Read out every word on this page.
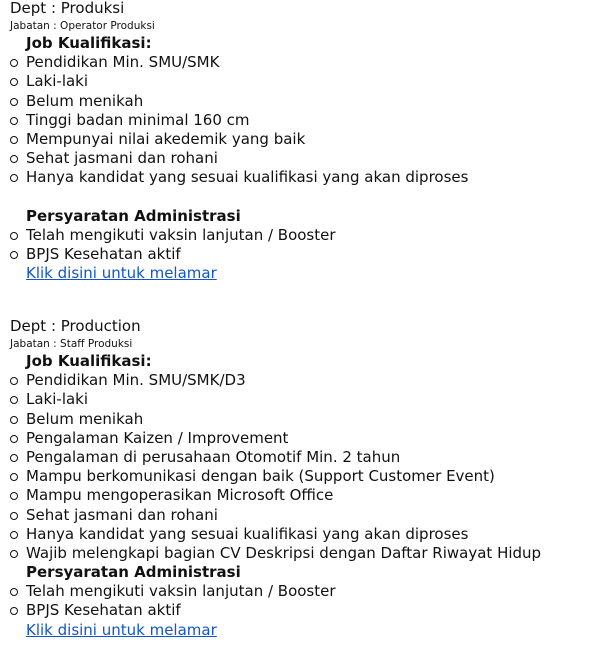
Dept : Produksi
Jabatan : Operator Produksi
Job Kualifikasi:
Pendidikan Min. SMU/SMK
Laki-laki
Belum menikah
Tinggi badan minimal 160 cm
Mempunyai nilai akedemik yang baik
Sehat jasmani dan rohani
Hanya kandidat yang sesuai kualifikasi yang akan diproses
Persyaratan Administrasi
Telah mengikuti vaksin lanjutan / Booster
BPJS Kesehatan aktif
Klik disini untuk melamar
Dept : Production
Jabatan : Staff Produksi
Job Kualifikasi:
Pendidikan Min. SMU/SMK/D3
Laki-laki
Belum menikah
Pengalaman Kaizen / Improvement
Pengalaman di perusahaan Otomotif Min. 2 tahun
Mampu berkomunikasi dengan baik (Support Customer Event)
Mampu mengoperasikan Microsoft Office
Sehat jasmani dan rohani
Hanya kandidat yang sesuai kualifikasi yang akan diproses
Wajib melengkapi bagian CV Deskripsi dengan Daftar Riwayat Hidup
Persyaratan Administrasi
Telah mengikuti vaksin lanjutan / Booster
BPJS Kesehatan aktif
Klik disini untuk melamar
